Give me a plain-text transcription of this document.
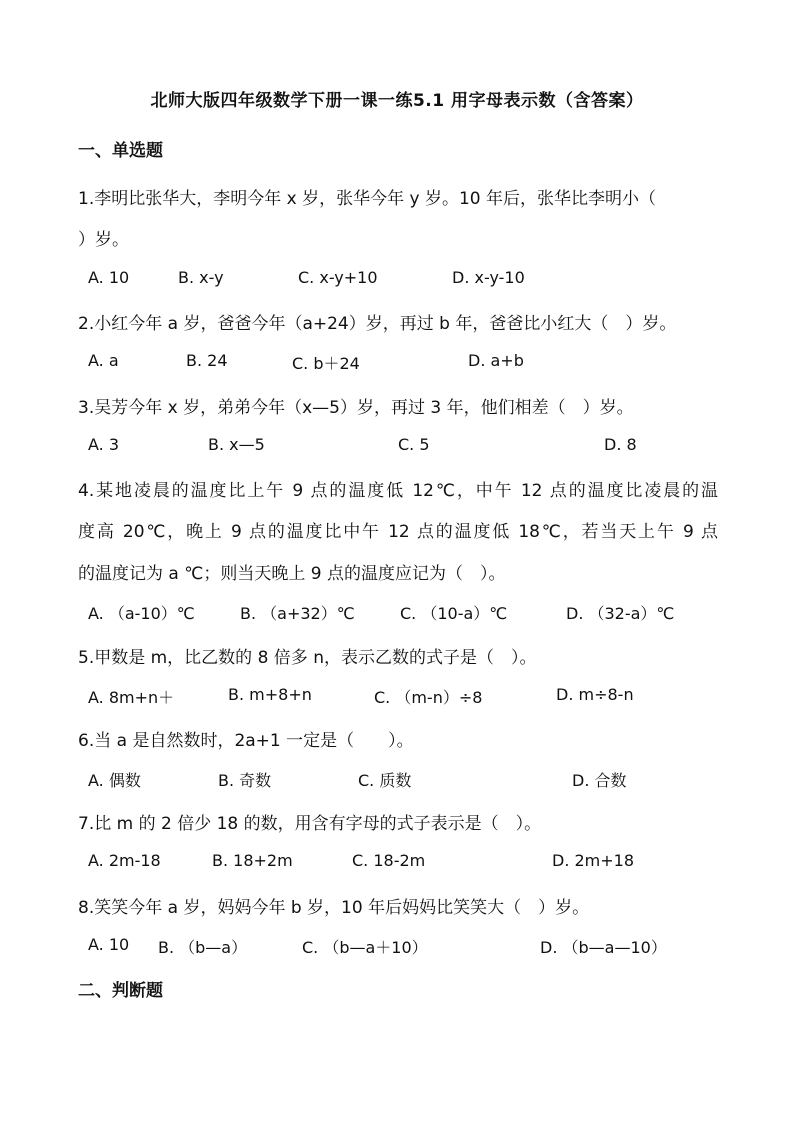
北师大版四年级数学下册一课一练5.1 用字母表示数（含答案）
一、单选题
1.李明比张华大，李明今年 x 岁，张华今年 y 岁。10 年后，张华比李明小（
）岁。
A. 10	B. x-y	C. x-y+10	D. x-y-10
2.小红今年 a 岁，爸爸今年（a+24）岁，再过 b 年，爸爸比小红大（　）岁。
A. a	B. 24	C. b＋24	D. a+b
3.吴芳今年 x 岁，弟弟今年（x—5）岁，再过 3 年，他们相差（　）岁。
A. 3	B. x—5	C. 5	D. 8
4.某地凌晨的温度比上午 9 点的温度低 12℃，中午 12 点的温度比凌晨的温
度高 20℃，晚上 9 点的温度比中午 12 点的温度低 18℃，若当天上午 9 点
的温度记为 a ℃；则当天晚上 9 点的温度应记为（　）。
A. （a-10）℃	B. （a+32）℃	C. （10-a）℃	D. （32-a）℃
5.甲数是 m，比乙数的 8 倍多 n，表示乙数的式子是（　）。
A. 8m+n＋	B. m+8+n	C. （m-n）÷8	D. m÷8-n
6.当 a 是自然数时，2a+1 一定是（　　）。
A. 偶数	B. 奇数	C. 质数	D. 合数
7.比 m 的 2 倍少 18 的数，用含有字母的式子表示是（　）。
A. 2m-18	B. 18+2m	C. 18-2m	D. 2m+18
8.笑笑今年 a 岁，妈妈今年 b 岁，10 年后妈妈比笑笑大（　）岁。
A. 10 B. （b—a）	C. （b—a＋10）	D. （b—a—10）
二、判断题
